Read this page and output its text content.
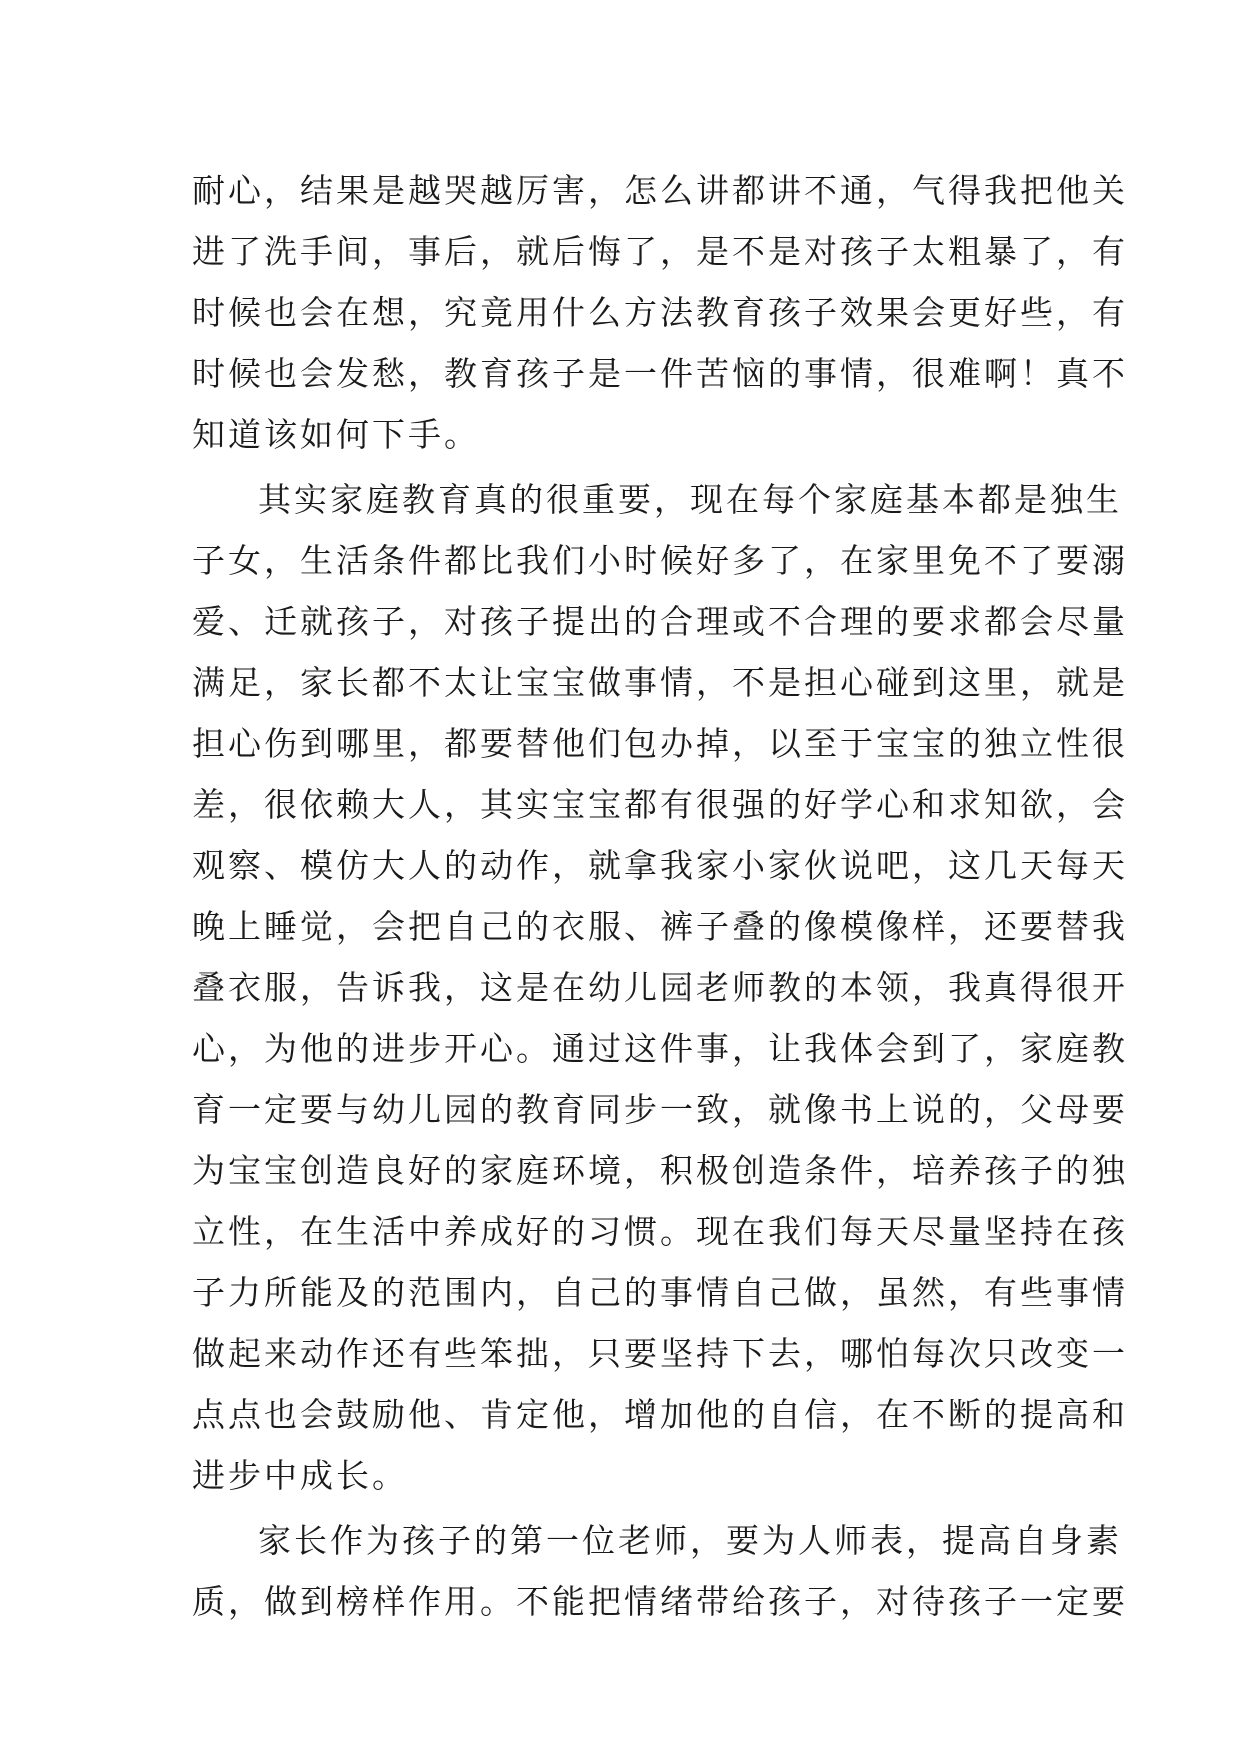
耐心，结果是越哭越厉害，怎么讲都讲不通，气得我把他关
进了洗手间，事后，就后悔了，是不是对孩子太粗暴了，有
时候也会在想，究竟用什么方法教育孩子效果会更好些，有
时候也会发愁，教育孩子是一件苦恼的事情，很难啊！真不
知道该如何下手。
其实家庭教育真的很重要，现在每个家庭基本都是独生
子女，生活条件都比我们小时候好多了，在家里免不了要溺
爱、迁就孩子，对孩子提出的合理或不合理的要求都会尽量
满足，家长都不太让宝宝做事情，不是担心碰到这里，就是
担心伤到哪里，都要替他们包办掉，以至于宝宝的独立性很
差，很依赖大人，其实宝宝都有很强的好学心和求知欲，会
观察、模仿大人的动作，就拿我家小家伙说吧，这几天每天
晚上睡觉，会把自己的衣服、裤子叠的像模像样，还要替我
叠衣服，告诉我，这是在幼儿园老师教的本领，我真得很开
心，为他的进步开心。通过这件事，让我体会到了，家庭教
育一定要与幼儿园的教育同步一致，就像书上说的，父母要
为宝宝创造良好的家庭环境，积极创造条件，培养孩子的独
立性，在生活中养成好的习惯。现在我们每天尽量坚持在孩
子力所能及的范围内，自己的事情自己做，虽然，有些事情
做起来动作还有些笨拙，只要坚持下去，哪怕每次只改变一
点点也会鼓励他、肯定他，增加他的自信，在不断的提高和
进步中成长。
家长作为孩子的第一位老师，要为人师表，提高自身素
质，做到榜样作用。不能把情绪带给孩子，对待孩子一定要
